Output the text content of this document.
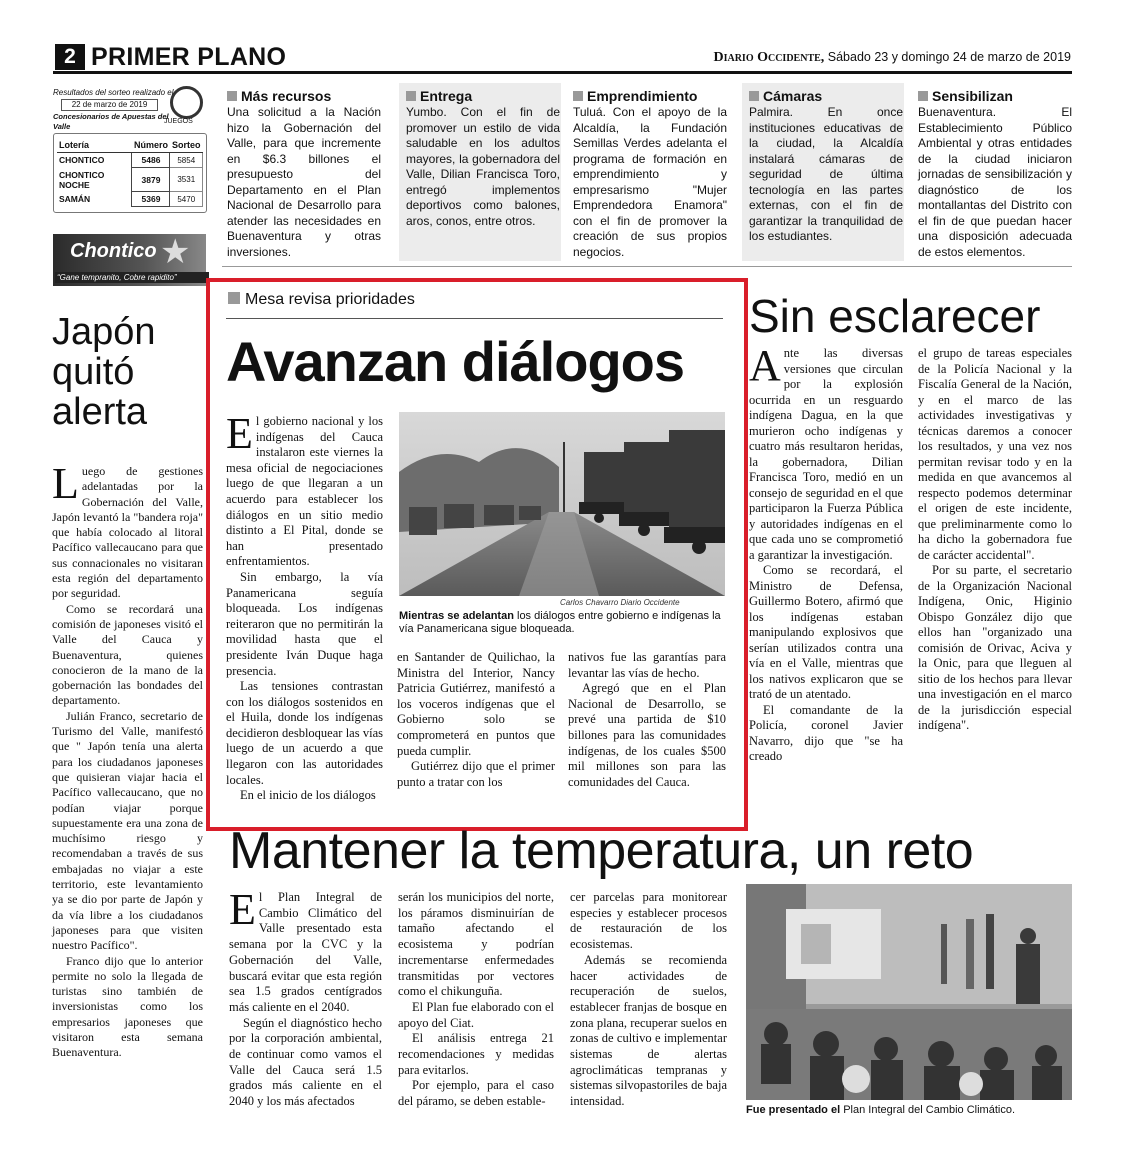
2 PRIMER PLANO	Diario Occidente, Sábado 23 y domingo 24 de marzo de 2019
Resultados del sorteo realizado el
22 de marzo de 2019
Concesionarios de Apuestas del Valle
JUEGOS
Lotería	Número	Sorteo
CHONTICO	5486	5854
CHONTICO NOCHE	3879	3531
SAMÁN	5369	5470
Chontico ★
“Gane tempranito, Cobre rapidito”
Más recursos

Una solicitud a la Nación hizo la Gobernación del Valle, para que incremente en $6.3 billones el presupuesto del Departamento en el Plan Nacional de Desarrollo para atender las necesidades en Buenaventura y otras inversiones.

Entrega

Yumbo. Con el fin de promover un estilo de vida saludable en los adultos mayores, la gobernadora del Valle, Dilian Francisca Toro, entregó implementos deportivos como balones, aros, conos, entre otros.

Emprendimiento

Tuluá. Con el apoyo de la Alcaldía, la Fundación Semillas Verdes adelanta el programa de formación en emprendimiento y empresarismo "Mujer Emprendedora Enamora" con el fin de promover la creación de sus propios negocios.

Cámaras

Palmira. En once instituciones educativas de la ciudad, la Alcaldía instalará cámaras de seguridad de última tecnología en las partes externas, con el fin de garantizar la tranquilidad de los estudiantes.

Sensibilizan

Buenaventura. El Establecimiento Público Ambiental y otras entidades de la ciudad iniciaron jornadas de sensibilización y diagnóstico de los montallantas del Distrito con el fin de que puedan hacer una disposición adecuada de estos elementos.

Japón quitó alerta

Luego de gestiones adelantadas por la Gobernación del Valle, Japón levantó la "bandera roja" que había colocado al litoral Pacífico vallecaucano para que sus connacionales no visitaran esta región del departamento por seguridad.

Como se recordará una comisión de japoneses visitó el Valle del Cauca y Buenaventura, quienes conocieron de la mano de la gobernación las bondades del departamento.

Julián Franco, secretario de Turismo del Valle, manifestó que " Japón tenía una alerta para los ciudadanos japoneses que quisieran viajar hacia el Pacífico vallecaucano, que no podían viajar porque supuestamente era una zona de muchísimo riesgo y recomendaban a través de sus embajadas no viajar a este territorio, este levantamiento ya se dio por parte de Japón y da vía libre a los ciudadanos japoneses para que visiten nuestro Pacífico".

Franco dijo que lo anterior permite no solo la llegada de turistas sino también de inversionistas como los empresarios japoneses que visitaron esta semana Buenaventura.

Mesa revisa prioridades
Avanzan diálogos

El gobierno nacional y los indígenas del Cauca instalaron este viernes la mesa oficial de negociaciones luego de que llegaran a un acuerdo para establecer los diálogos en un sitio medio distinto a El Pital, donde se han presentado enfrentamientos.

Sin embargo, la vía Panamericana seguía bloqueada. Los indígenas reiteraron que no permitirán la movilidad hasta que el presidente Iván Duque haga presencia.

Las tensiones contrastan con los diálogos sostenidos en el Huila, donde los indígenas decidieron desbloquear las vías luego de un acuerdo a que llegaron con las autoridades locales.

En el inicio de los diálogos

Carlos Chavarro Diario Occidente
Mientras se adelantan los diálogos entre gobierno e indígenas la vía Panamericana sigue bloqueada.

en Santander de Quilichao, la Ministra del Interior, Nancy Patricia Gutiérrez, manifestó a los voceros indígenas que el Gobierno solo se comprometerá en puntos que pueda cumplir.

Gutiérrez dijo que el primer punto a tratar con los

nativos fue las garantías para levantar las vías de hecho.

Agregó que en el Plan Nacional de Desarrollo, se prevé una partida de $10 billones para las comunidades indígenas, de los cuales $500 mil millones son para las comunidades del Cauca.

Sin esclarecer

Ante las diversas versiones que circulan por la explosión ocurrida en un resguardo indígena Dagua, en la que murieron ocho indígenas y cuatro más resultaron heridas, la gobernadora, Dilian Francisca Toro, medió en un consejo de seguridad en el que participaron la Fuerza Pública y autoridades indígenas en el que cada uno se comprometió a garantizar la investigación.

Como se recordará, el Ministro de Defensa, Guillermo Botero, afirmó que los indígenas estaban manipulando explosivos que serían utilizados contra una vía en el Valle, mientras que los nativos explicaron que se trató de un atentado.

El comandante de la Policía, coronel Javier Navarro, dijo que "se ha creado

el grupo de tareas especiales de la Policía Nacional y la Fiscalía General de la Nación, y en el marco de las actividades investigativas y técnicas daremos a conocer los resultados, y una vez nos permitan revisar todo y en la medida en que avancemos al respecto podemos determinar el origen de este incidente, que preliminarmente como lo ha dicho la gobernadora fue de carácter accidental".

Por su parte, el secretario de la Organización Nacional Indígena, Onic, Higinio Obispo González dijo que ellos han "organizado una comisión de Orivac, Aciva y la Onic, para que lleguen al sitio de los hechos para llevar una investigación en el marco de la jurisdicción especial indígena".

Mantener la temperatura, un reto

El Plan Integral de Cambio Climático del Valle presentado esta semana por la CVC y la Gobernación del Valle, buscará evitar que esta región sea 1.5 grados centígrados más caliente en el 2040.

Según el diagnóstico hecho por la corporación ambiental, de continuar como vamos el Valle del Cauca será 1.5 grados más caliente en el 2040 y los más afectados

serán los municipios del norte, los páramos disminuirían de tamaño afectando el ecosistema y podrían incrementarse enfermedades transmitidas por vectores como el chikunguña.

El Plan fue elaborado con el apoyo del Ciat.

El análisis entrega 21 recomendaciones y medidas para evitarlos.

Por ejemplo, para el caso del páramo, se deben estable-

cer parcelas para monitorear especies y establecer procesos de restauración de los ecosistemas.

Además se recomienda hacer actividades de recuperación de suelos, establecer franjas de bosque en zona plana, recuperar suelos en zonas de cultivo e implementar sistemas de alertas agroclimáticas tempranas y sistemas silvopastoriles de baja intensidad.

Fue presentado el Plan Integral del Cambio Climático.
